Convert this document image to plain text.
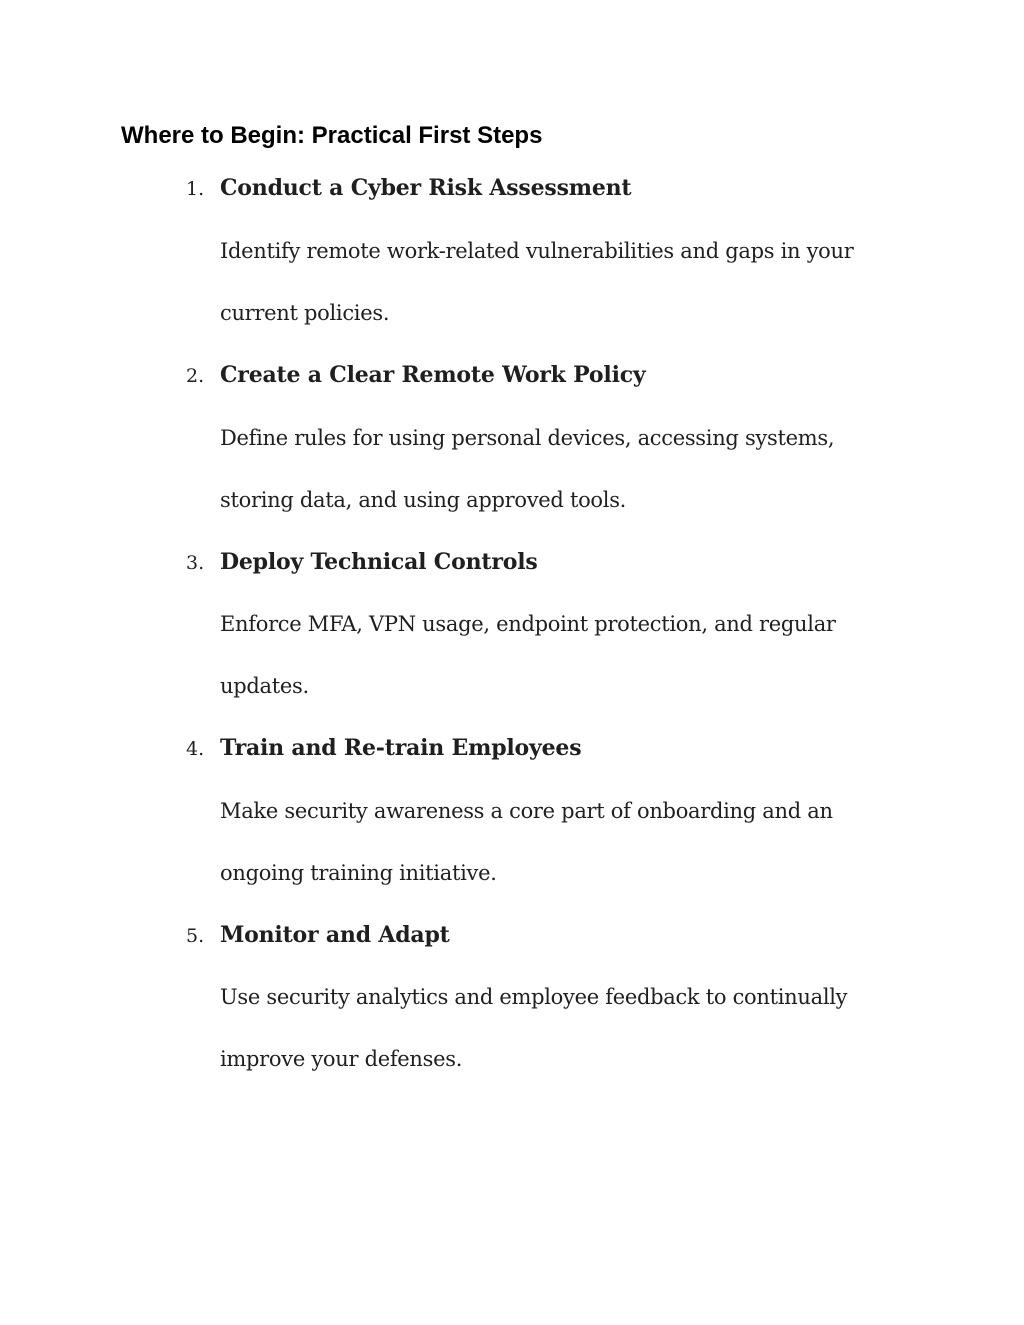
Where to Begin: Practical First Steps
1. Conduct a Cyber Risk Assessment

Identify remote work-related vulnerabilities and gaps in your current policies.

2. Create a Clear Remote Work Policy

Define rules for using personal devices, accessing systems, storing data, and using approved tools.

3. Deploy Technical Controls

Enforce MFA, VPN usage, endpoint protection, and regular updates.

4. Train and Re-train Employees

Make security awareness a core part of onboarding and an ongoing training initiative.

5. Monitor and Adapt

Use security analytics and employee feedback to continually improve your defenses.
